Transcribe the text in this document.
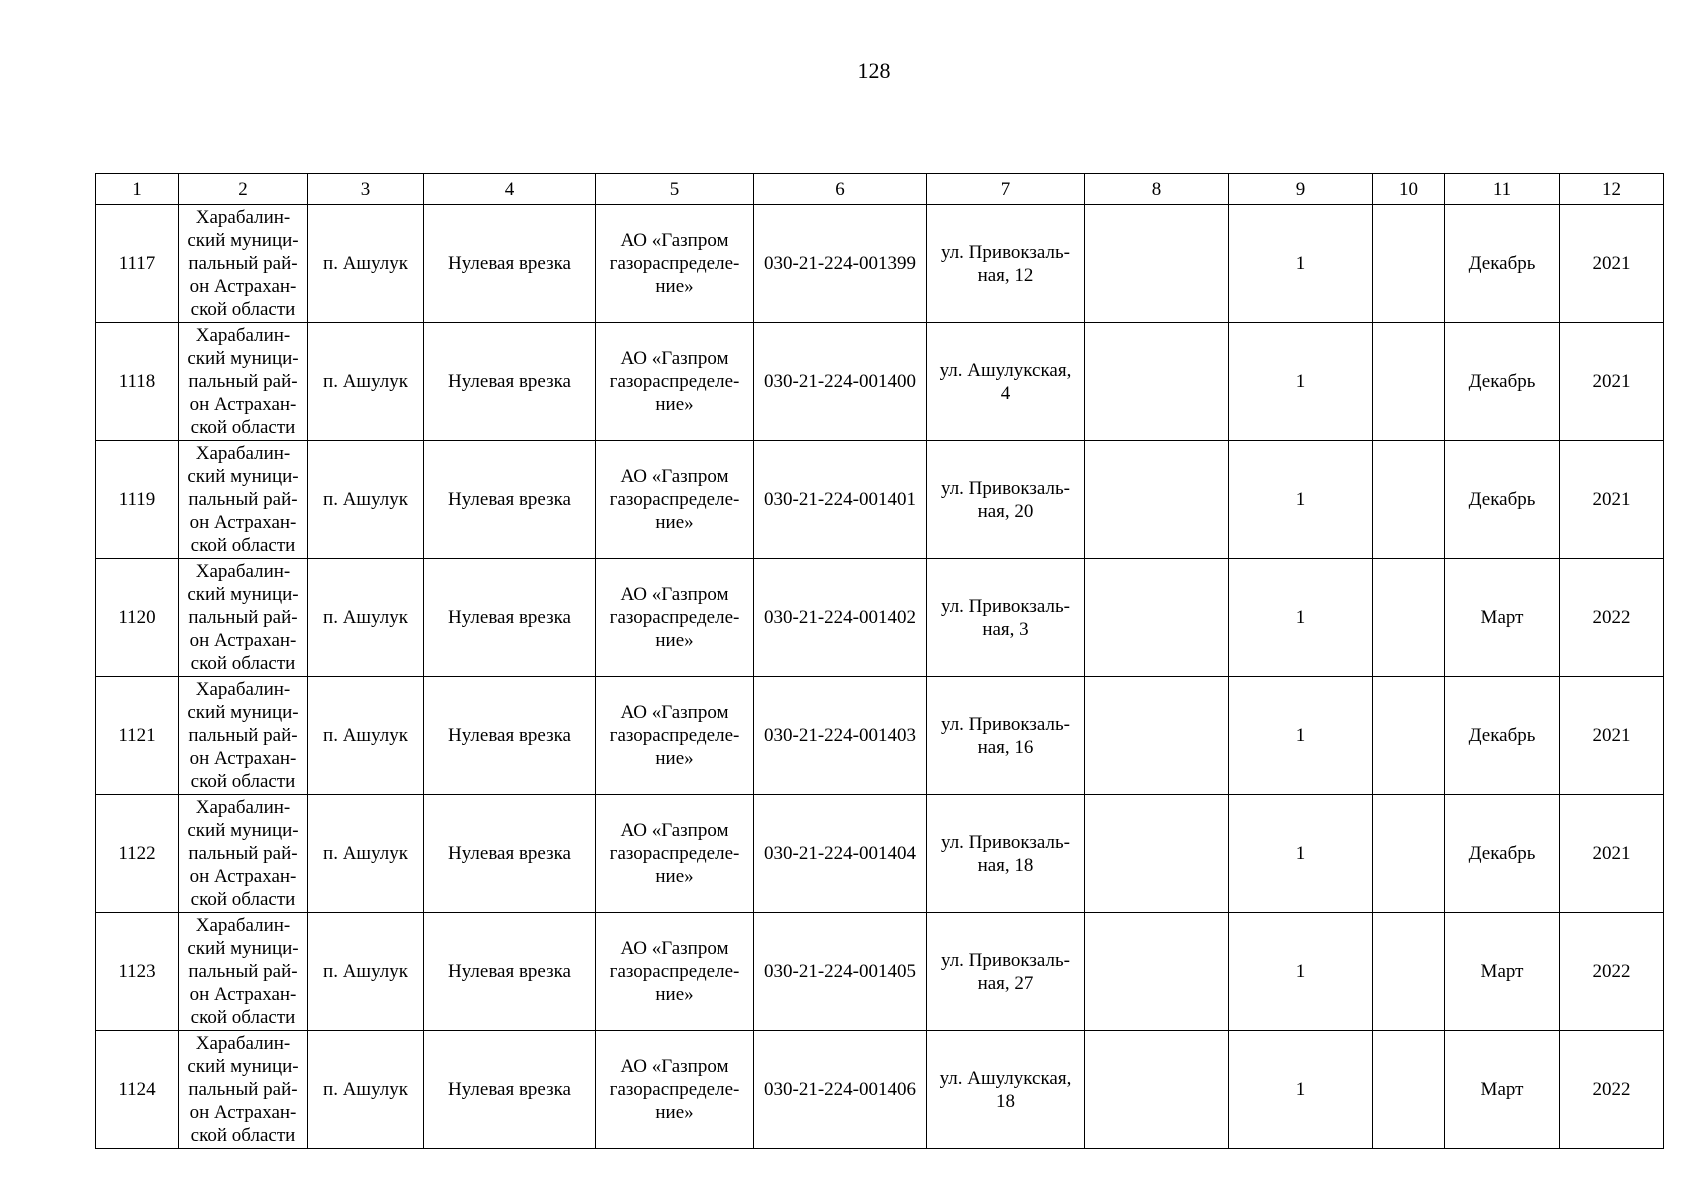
128
1	2	3	4	5	6	7	8	9	10	11	12
1117	Харабалин-
ский муници-
пальный рай-
он Астрахан-
ской области	п. Ашулук	Нулевая врезка	АО «Газпром
газораспределе-
ние»	030-21-224-001399	ул. Привокзаль-
ная, 12		1		Декабрь	2021
1118	Харабалин-
ский муници-
пальный рай-
он Астрахан-
ской области	п. Ашулук	Нулевая врезка	АО «Газпром
газораспределе-
ние»	030-21-224-001400	ул. Ашулукская,
4		1		Декабрь	2021
1119	Харабалин-
ский муници-
пальный рай-
он Астрахан-
ской области	п. Ашулук	Нулевая врезка	АО «Газпром
газораспределе-
ние»	030-21-224-001401	ул. Привокзаль-
ная, 20		1		Декабрь	2021
1120	Харабалин-
ский муници-
пальный рай-
он Астрахан-
ской области	п. Ашулук	Нулевая врезка	АО «Газпром
газораспределе-
ние»	030-21-224-001402	ул. Привокзаль-
ная, 3		1		Март	2022
1121	Харабалин-
ский муници-
пальный рай-
он Астрахан-
ской области	п. Ашулук	Нулевая врезка	АО «Газпром
газораспределе-
ние»	030-21-224-001403	ул. Привокзаль-
ная, 16		1		Декабрь	2021
1122	Харабалин-
ский муници-
пальный рай-
он Астрахан-
ской области	п. Ашулук	Нулевая врезка	АО «Газпром
газораспределе-
ние»	030-21-224-001404	ул. Привокзаль-
ная, 18		1		Декабрь	2021
1123	Харабалин-
ский муници-
пальный рай-
он Астрахан-
ской области	п. Ашулук	Нулевая врезка	АО «Газпром
газораспределе-
ние»	030-21-224-001405	ул. Привокзаль-
ная, 27		1		Март	2022
1124	Харабалин-
ский муници-
пальный рай-
он Астрахан-
ской области	п. Ашулук	Нулевая врезка	АО «Газпром
газораспределе-
ние»	030-21-224-001406	ул. Ашулукская,
18		1		Март	2022
